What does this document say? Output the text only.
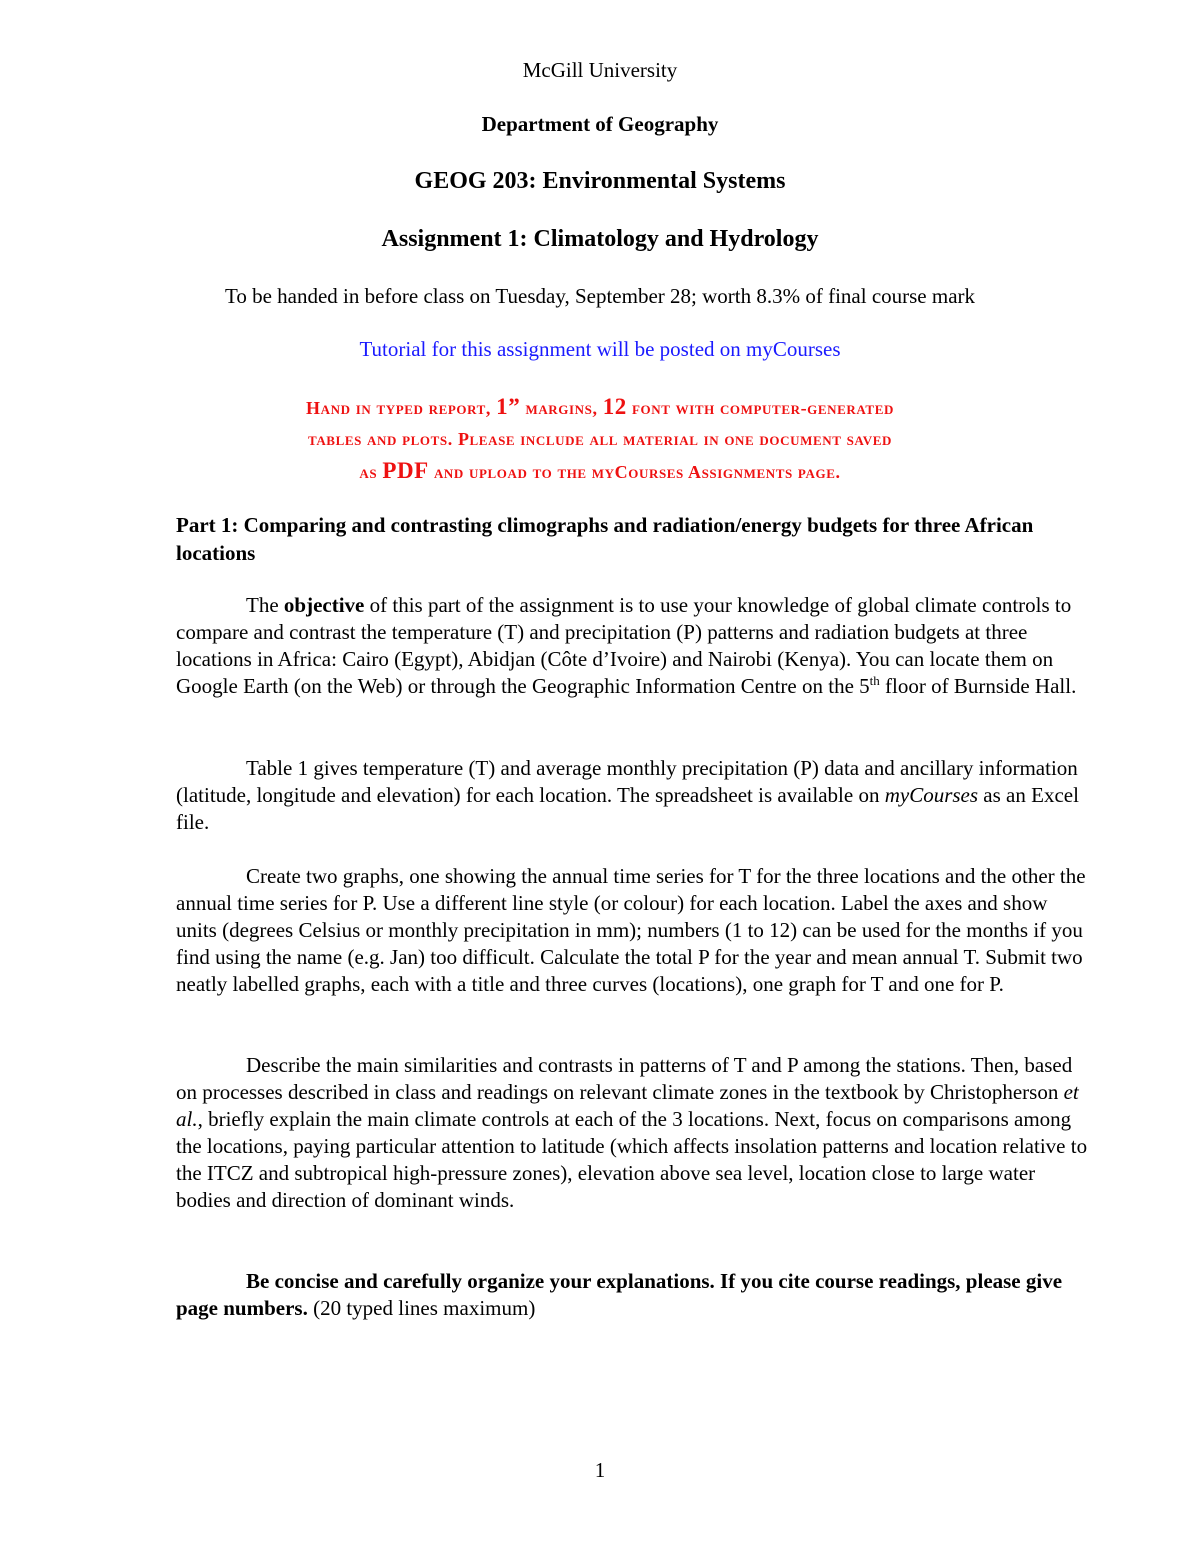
McGill University
Department of Geography
GEOG 203: Environmental Systems
Assignment 1: Climatology and Hydrology
To be handed in before class on Tuesday, September 28; worth 8.3% of final course mark
Tutorial for this assignment will be posted on myCourses
Hand in typed report, 1” margins, 12 font with computer-generated
tables and plots. Please include all material in one document saved
as PDF and upload to the myCourses Assignments page.
Part 1: Comparing and contrasting climographs and radiation/energy budgets for three African locations
The objective of this part of the assignment is to use your knowledge of global climate controls to compare and contrast the temperature (T) and precipitation (P) patterns and radiation budgets at three locations in Africa: Cairo (Egypt), Abidjan (Côte d’Ivoire) and Nairobi (Kenya). You can locate them on Google Earth (on the Web) or through the Geographic Information Centre on the 5th floor of Burnside Hall.
Table 1 gives temperature (T) and average monthly precipitation (P) data and ancillary information (latitude, longitude and elevation) for each location. The spreadsheet is available on myCourses as an Excel file.
Create two graphs, one showing the annual time series for T for the three locations and the other the annual time series for P. Use a different line style (or colour) for each location. Label the axes and show units (degrees Celsius or monthly precipitation in mm); numbers (1 to 12) can be used for the months if you find using the name (e.g. Jan) too difficult. Calculate the total P for the year and mean annual T. Submit two neatly labelled graphs, each with a title and three curves (locations), one graph for T and one for P.
Describe the main similarities and contrasts in patterns of T and P among the stations. Then, based on processes described in class and readings on relevant climate zones in the textbook by Christopherson et al., briefly explain the main climate controls at each of the 3 locations. Next, focus on comparisons among the locations, paying particular attention to latitude (which affects insolation patterns and location relative to the ITCZ and subtropical high-pressure zones), elevation above sea level, location close to large water bodies and direction of dominant winds.
Be concise and carefully organize your explanations. If you cite course readings, please give page numbers. (20 typed lines maximum)
1
